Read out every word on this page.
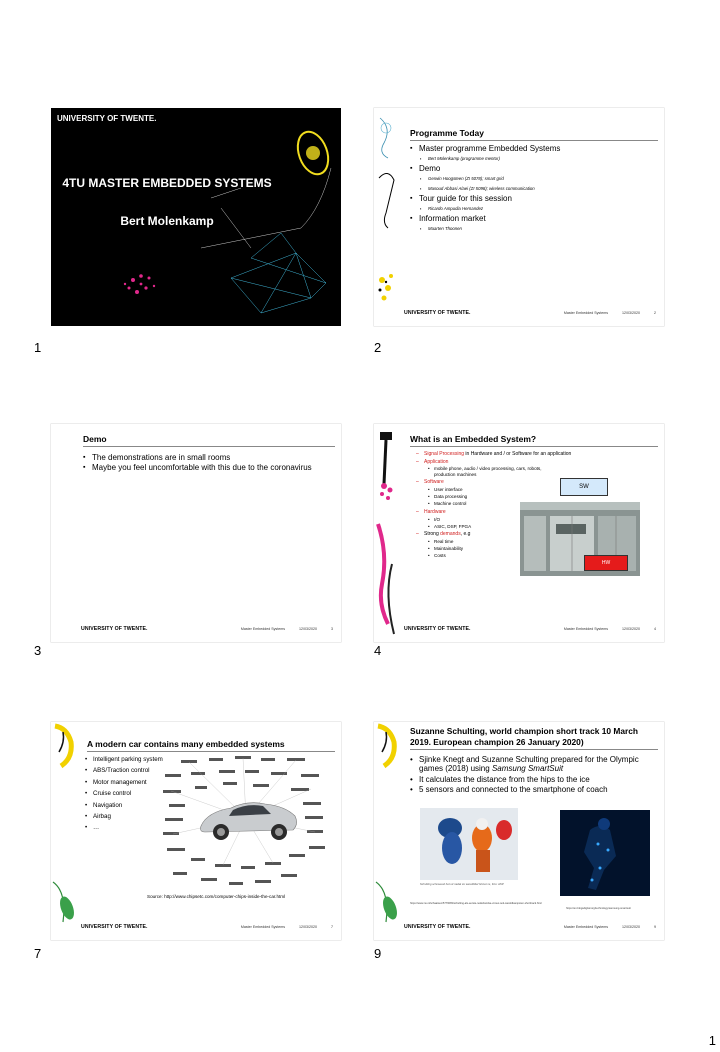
UNIVERSITY OF TWENTE.
4TU MASTER EMBEDDED SYSTEMS
Bert Molenkamp
1
Programme Today
▪ Master programme Embedded Systems
▪ Bert Molenkamp (programme mentor)
▪ Demo
▪ Gerwin Hoogsteen (ZI 5078); smart grid
▪ Masoud Abbasi Alaei (ZI 5098); wireless communication
▪ Tour guide for this session
▪ Ricardo Ampudia Hernandez
▪ Information market
▪ Maarten Thoonen
UNIVERSITY OF TWENTE.	Master Embedded Systems	12/03/2020	2
2
Demo
▪ The demonstrations are in small rooms
▪ Maybe you feel uncomfortable with this due to the coronavirus
UNIVERSITY OF TWENTE.	Master Embedded Systems	12/03/2020	3
3
What is an Embedded System?
– Signal Processing in Hardware and / or Software for an application
– Application
• mobile phone, audio / video processing, cars, robots, production machines
– Software
• User interface
• Data processing
• Machine control
– Hardware
• I/O
• ASIC, DSP, FPGA
– Strong demands, e.g
• Real time
• Maintainability
• Costs
SW
HW
UNIVERSITY OF TWENTE.	Master Embedded Systems	12/03/2020	4
4
A modern car contains many embedded systems
• Intelligent parking system
• ABS/Traction control
• Motor management
• Cruise control
• Navigation
• Airbag
• …
Source: http://www.chipsetc.com/computer-chips-inside-the-car.html
UNIVERSITY OF TWENTE.	Master Embedded Systems	12/03/2020	7
7
Suzanne Schulting, world champion short track 10 March 2019. European champion 26 January 2020)
• Sjinke Knegt and Suzanne Schulting prepared for the Olympic games (2018) using Samsung SmartSuit
• It calculates the distance from the hips to the ice
• 5 sensors and connected to the smartphone of coach
Schulting schreeuwt het uit nadat ze wereldtitel binnen is, foto: ANP
https://www.nu.nl/schaatsen/5776083/schulting-als-eerste-nederlandse-vrouw-ooit-wereldkampioen-shorttrack.html
https://en.blogsdigital.org/technology/samsung-smartsuit
UNIVERSITY OF TWENTE.	Master Embedded Systems	12/03/2020	9
9
1
